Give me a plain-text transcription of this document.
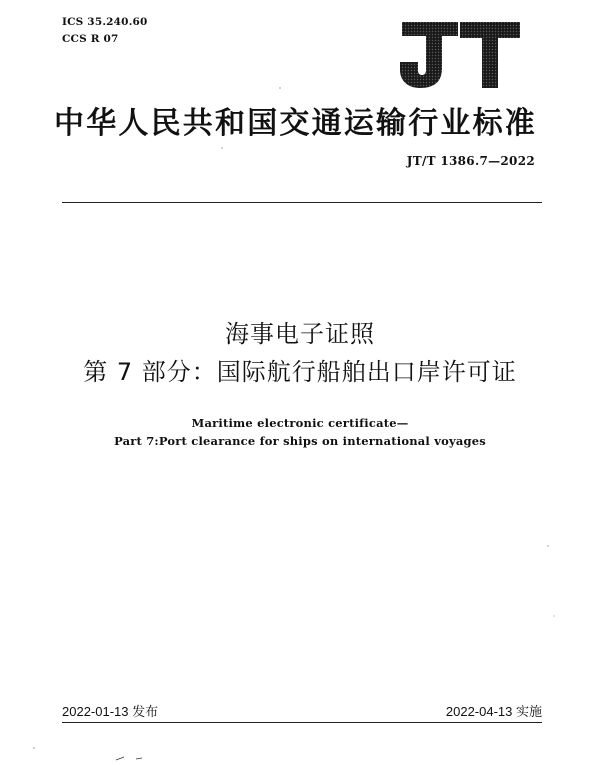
ICS 35.240.60
CCS R 07
中华人民共和国交通运输行业标准
JT/T 1386.7—2022
海事电子证照
第 7 部分：国际航行船舶出口岸许可证
Maritime electronic certificate—
Part 7:Port clearance for ships on international voyages
2022-01-13 发布	2022-04-13 实施
